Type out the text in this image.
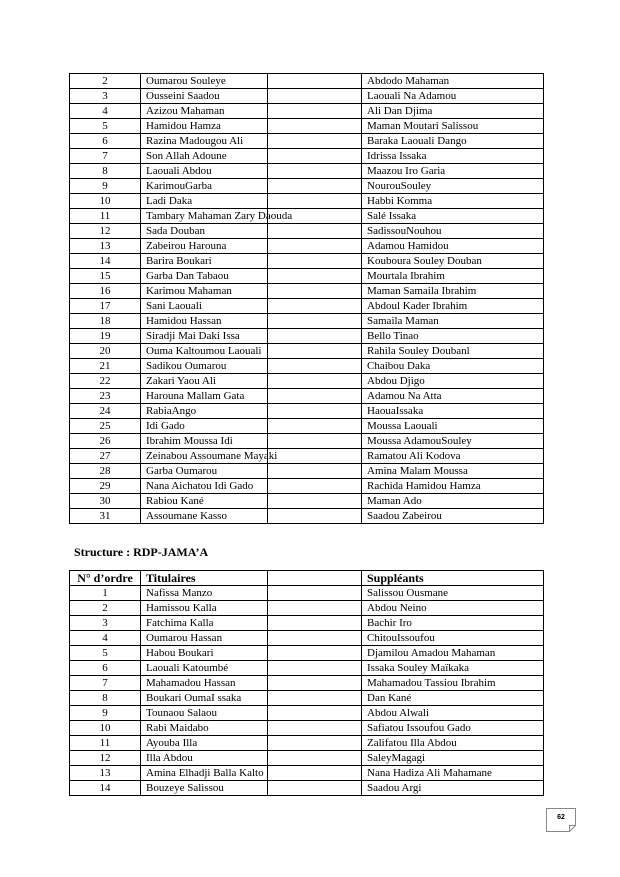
2	Oumarou Souleye		Abdodo Mahaman
3	Ousseini Saadou		Laouali Na Adamou
4	Azizou Mahaman		Ali Dan Djima
5	Hamidou Hamza		Maman Moutari Salissou
6	Razina Madougou Ali		Baraka Laouali Dango
7	Son Allah Adoune		Idrissa Issaka
8	Laouali Abdou		Maazou Iro Garia
9	KarimouGarba		NourouSouley
10	Ladi Daka		Habbi Komma
11	Tambary Mahaman Zary Daouda		Salé Issaka
12	Sada Douban		SadissouNouhou
13	Zabeirou Harouna		Adamou Hamidou
14	Barira Boukari		Kouboura Souley Douban
15	Garba Dan Tabaou		Mourtala Ibrahim
16	Karimou Mahaman		Maman Samaila Ibrahim
17	Sani Laouali		Abdoul Kader Ibrahim
18	Hamidou Hassan		Samaila Maman
19	Siradji Mai Daki Issa		Bello Tinao
20	Ouma Kaltoumou Laouali		Rahila Souley Doubanl
21	Sadikou Oumarou		Chaibou Daka
22	Zakari Yaou Ali		Abdou Djigo
23	Harouna Mallam Gata		Adamou Na Atta
24	RabiaAngo		HaouaIssaka
25	Idi Gado		Moussa Laouali
26	Ibrahim Moussa Idi		Moussa AdamouSouley
27	Zeinabou Assoumane Mayaki		Ramatou Ali Kodova
28	Garba Oumarou		Amina Malam Moussa
29	Nana Aichatou Idi Gado		Rachida Hamidou Hamza
30	Rabiou Kané		Maman Ado
31	Assoumane Kasso		Saadou Zabeirou
Structure : RDP-JAMA’A
N° d’ordre	Titulaires		Suppléants
1	Nafissa Manzo		Salissou Ousmane
2	Hamissou Kalla		Abdou Neino
3	Fatchima Kalla		Bachir Iro
4	Oumarou Hassan		ChitouIssoufou
5	Habou Boukari		Djamilou Amadou Mahaman
6	Laouali Katoumbé		Issaka Souley Maïkaka
7	Mahamadou Hassan		Mahamadou Tassiou Ibrahim
8	Boukari OumaI ssaka		Dan Kané
9	Tounaou Salaou		Abdou Alwali
10	Rabi Maidabo		Safiatou Issoufou Gado
11	Ayouba Illa		Zalifatou Illa Abdou
12	Illa Abdou		SaleyMagagi
13	Amina Elhadji Balla Kalto		Nana Hadiza Ali Mahamane
14	Bouzeye Salissou		Saadou Argi
62
